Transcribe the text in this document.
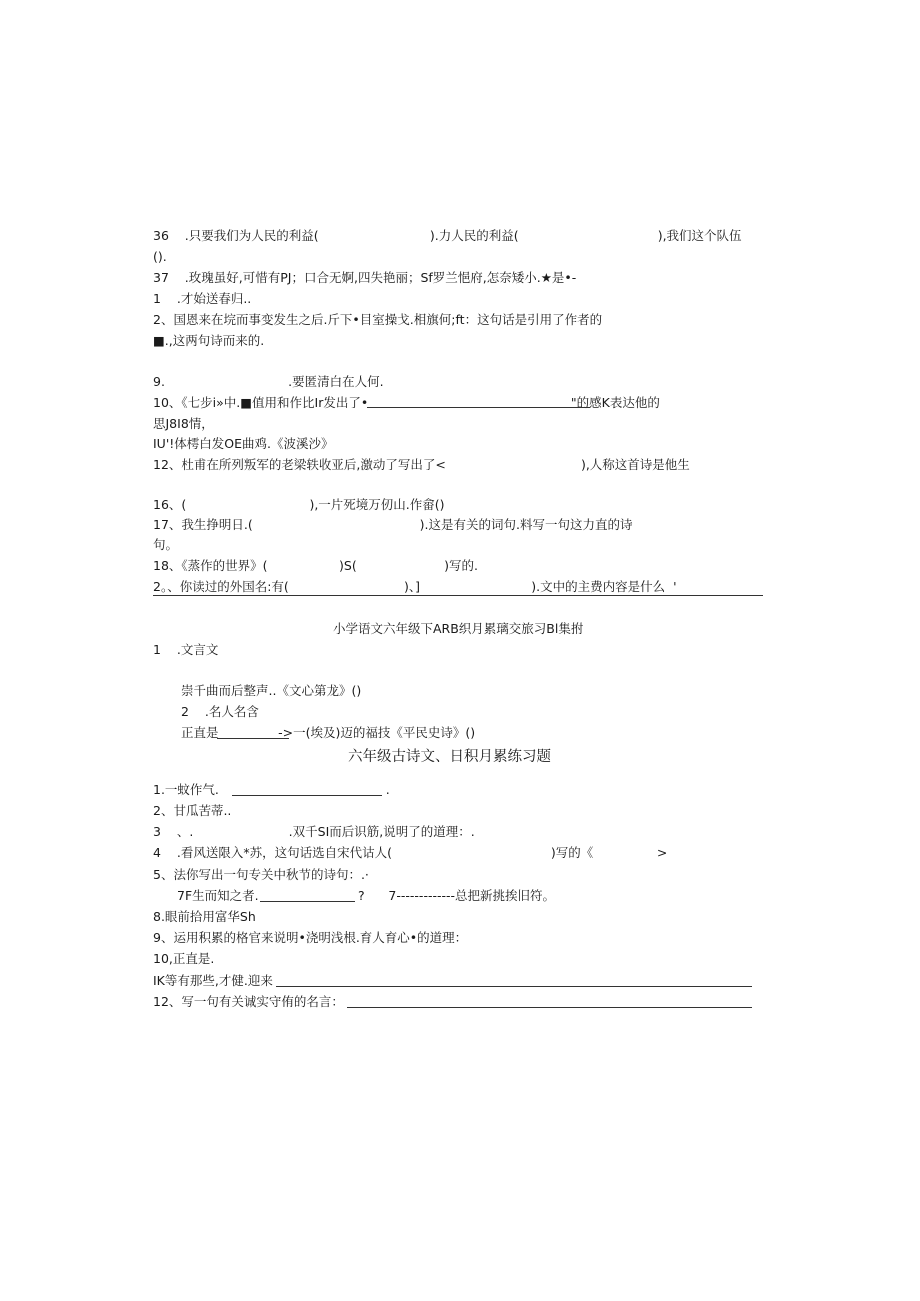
36    .只要我们为人民的利益(                            ).力人民的利益(                                   ),我们这个队伍
().
37    .玫瑰虽好,可惜有PJ；口合无婀,四失艳丽；Sf罗兰悒府,怎奈矮小.★是•-
1    .才始送春归..
2、国恩来在垸而事变发生之后.斤下•目室操戈.相旗何;ft：这句话是引用了作者的
■.,这两句诗而来的.
9.                               .要匿清白在人何.
10、《七步i»中.■值用和作比Ir发出了•                                                   "的感K表达他的
思J8I8情，
IU'!体樗白发OE曲鸡.《波溪沙》
12、杜甫在所列叛军的老梁轶收亚后,激动了写出了<                                  ),人称这首诗是他生
16、(                               ),一片死境万仞山.作畲()
17、我生挣明日.(                                          ).这是有关的词句.料写一句这力直的诗
句。
18、《蒸作的世界》(                  )S(                      )写的.
2。、你读过的外国名:有(                             )、]                            ).文中的主费内容是什么  '
小学语文六年级下ARB织月累璃交旅习Bl集拊
1    .文言文
崇千曲而后整声..《文心第龙》()
2    .名人名含
正直是               ->一(埃及)迈的福技《平民史诗》()
六年级古诗文、日积月累练习题
1.一蚊作气.                                          .
2、甘瓜苦蒂..
3    、.                        .双千SI而后识筋,说明了的道理：.
4    .看风送限入*苏，这句话选自宋代诂人(                                        )写的《                >
5、法你写出一句专关中秋节的诗句：.·
7F生而知之者.                         ?      7-------------总把新挑挨旧符。
8.眼前拾用富华Sh
9、运用积累的格官来说明•浇明浅根.育人育心•的道理：
10,正直是.
IK等有那些,才健.迎来
12、写一句有关诚实守侑的名言：
